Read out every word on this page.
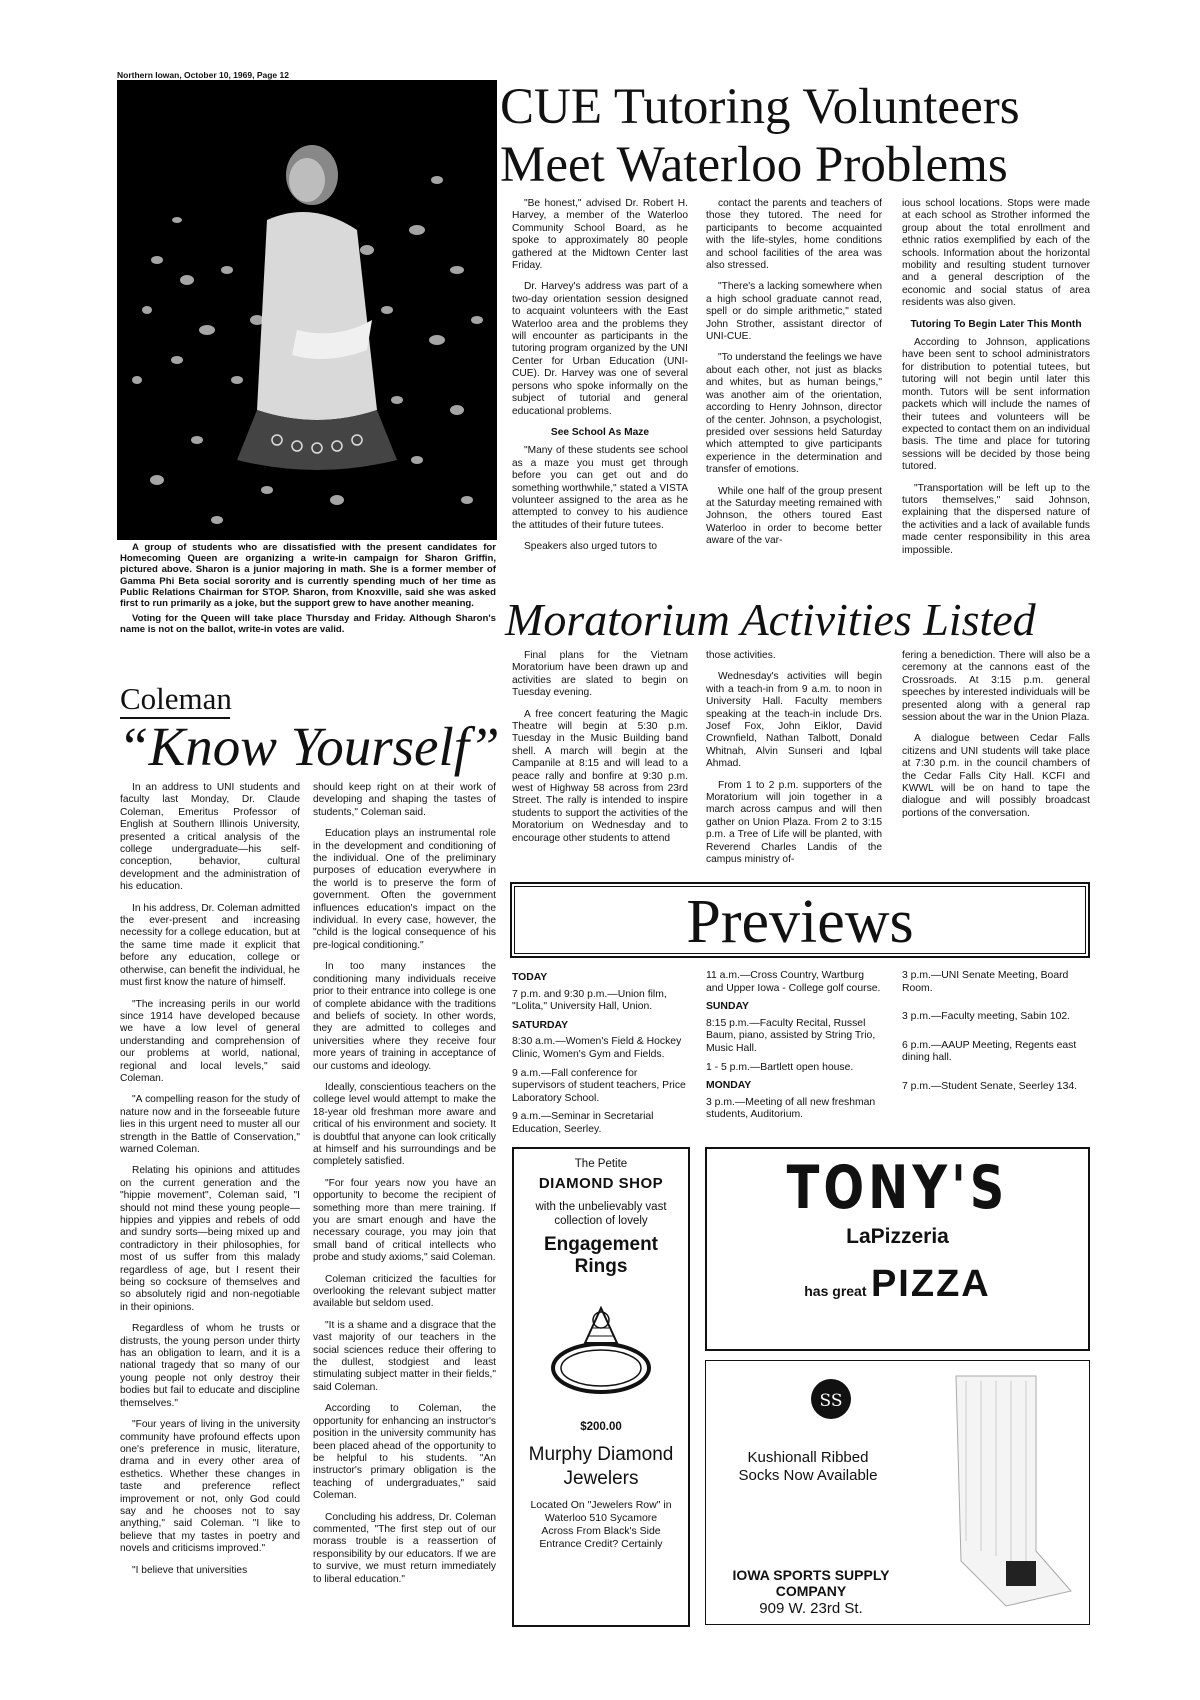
Northern Iowan, October 10, 1969, Page 12

A group of students who are dissatisfied with the present candidates for Homecoming Queen are organizing a write-in campaign for Sharon Griffin, pictured above. Sharon is a junior majoring in math. She is a former member of Gamma Phi Beta social sorority and is currently spending much of her time as Public Relations Chairman for STOP. Sharon, from Knoxville, said she was asked first to run primarily as a joke, but the support grew to have another meaning.

Voting for the Queen will take place Thursday and Friday. Although Sharon's name is not on the ballot, write-in votes are valid.

CUE Tutoring Volunteers Meet Waterloo Problems

"Be honest," advised Dr. Robert H. Harvey, a member of the Waterloo Community School Board, as he spoke to approximately 80 people gathered at the Midtown Center last Friday.

Dr. Harvey's address was part of a two-day orientation session designed to acquaint volunteers with the East Waterloo area and the problems they will encounter as participants in the tutoring program organized by the UNI Center for Urban Education (UNI-CUE). Dr. Harvey was one of several persons who spoke informally on the subject of tutorial and general educational problems.

See School As Maze

"Many of these students see school as a maze you must get through before you can get out and do something worthwhile," stated a VISTA volunteer assigned to the area as he attempted to convey to his audience the attitudes of their future tutees.

Speakers also urged tutors to

contact the parents and teachers of those they tutored. The need for participants to become acquainted with the life-styles, home conditions and school facilities of the area was also stressed.

"There's a lacking somewhere when a high school graduate cannot read, spell or do simple arithmetic," stated John Strother, assistant director of UNI-CUE.

"To understand the feelings we have about each other, not just as blacks and whites, but as human beings," was another aim of the orientation, according to Henry Johnson, director of the center. Johnson, a psychologist, presided over sessions held Saturday which attempted to give participants experience in the determination and transfer of emotions.

While one half of the group present at the Saturday meeting remained with Johnson, the others toured East Waterloo in order to become better aware of the var-

ious school locations. Stops were made at each school as Strother informed the group about the total enrollment and ethnic ratios exemplified by each of the schools. Information about the horizontal mobility and resulting student turnover and a general description of the economic and social status of area residents was also given.

Tutoring To Begin Later This Month

According to Johnson, applications have been sent to school administrators for distribution to potential tutees, but tutoring will not begin until later this month. Tutors will be sent information packets which will include the names of their tutees and volunteers will be expected to contact them on an individual basis. The time and place for tutoring sessions will be decided by those being tutored.

"Transportation will be left up to the tutors themselves," said Johnson, explaining that the dispersed nature of the activities and a lack of available funds made center responsibility in this area impossible.

Moratorium Activities Listed

Final plans for the Vietnam Moratorium have been drawn up and activities are slated to begin on Tuesday evening.

A free concert featuring the Magic Theatre will begin at 5:30 p.m. Tuesday in the Music Building band shell. A march will begin at the Campanile at 8:15 and will lead to a peace rally and bonfire at 9:30 p.m. west of Highway 58 across from 23rd Street. The rally is intended to inspire students to support the activities of the Moratorium on Wednesday and to encourage other students to attend

those activities.

Wednesday's activities will begin with a teach-in from 9 a.m. to noon in University Hall. Faculty members speaking at the teach-in include Drs. Josef Fox, John Eiklor, David Crownfield, Nathan Talbott, Donald Whitnah, Alvin Sunseri and Iqbal Ahmad.

From 1 to 2 p.m. supporters of the Moratorium will join together in a march across campus and will then gather on Union Plaza. From 2 to 3:15 p.m. a Tree of Life will be planted, with Reverend Charles Landis of the campus ministry of-

fering a benediction. There will also be a ceremony at the cannons east of the Crossroads. At 3:15 p.m. general speeches by interested individuals will be presented along with a general rap session about the war in the Union Plaza.

A dialogue between Cedar Falls citizens and UNI students will take place at 7:30 p.m. in the council chambers of the Cedar Falls City Hall. KCFI and KWWL will be on hand to tape the dialogue and will possibly broadcast portions of the conversation.

Coleman
“Know Yourself”

In an address to UNI students and faculty last Monday, Dr. Claude Coleman, Emeritus Professor of English at Southern Illinois University, presented a critical analysis of the college undergraduate—his self-conception, behavior, cultural development and the administration of his education.

In his address, Dr. Coleman admitted the ever-present and increasing necessity for a college education, but at the same time made it explicit that before any education, college or otherwise, can benefit the individual, he must first know the nature of himself.

"The increasing perils in our world since 1914 have developed because we have a low level of general understanding and comprehension of our problems at world, national, regional and local levels," said Coleman.

"A compelling reason for the study of nature now and in the forseeable future lies in this urgent need to muster all our strength in the Battle of Conservation," warned Coleman.

Relating his opinions and attitudes on the current generation and the "hippie movement", Coleman said, "I should not mind these young people—hippies and yippies and rebels of odd and sundry sorts—being mixed up and contradictory in their philosophies, for most of us suffer from this malady regardless of age, but I resent their being so cocksure of themselves and so absolutely rigid and non-negotiable in their opinions.

Regardless of whom he trusts or distrusts, the young person under thirty has an obligation to learn, and it is a national tragedy that so many of our young people not only destroy their bodies but fail to educate and discipline themselves."

"Four years of living in the university community have profound effects upon one's preference in music, literature, drama and in every other area of esthetics. Whether these changes in taste and preference reflect improvement or not, only God could say and he chooses not to say anything," said Coleman. "I like to believe that my tastes in poetry and novels and criticisms improved."

"I believe that universities

should keep right on at their work of developing and shaping the tastes of students," Coleman said.

Education plays an instrumental role in the development and conditioning of the individual. One of the preliminary purposes of education everywhere in the world is to preserve the form of government. Often the government influences education's impact on the individual. In every case, however, the "child is the logical consequence of his pre-logical conditioning."

In too many instances the conditioning many individuals receive prior to their entrance into college is one of complete abidance with the traditions and beliefs of society. In other words, they are admitted to colleges and universities where they receive four more years of training in acceptance of our customs and ideology.

Ideally, conscientious teachers on the college level would attempt to make the 18-year old freshman more aware and critical of his environment and society. It is doubtful that anyone can look critically at himself and his surroundings and be completely satisfied.

"For four years now you have an opportunity to become the recipient of something more than mere training. If you are smart enough and have the necessary courage, you may join that small band of critical intellects who probe and study axioms," said Coleman.

Coleman criticized the faculties for overlooking the relevant subject matter available but seldom used.

"It is a shame and a disgrace that the vast majority of our teachers in the social sciences reduce their offering to the dullest, stodgiest and least stimulating subject matter in their fields," said Coleman.

According to Coleman, the opportunity for enhancing an instructor's position in the university community has been placed ahead of the opportunity to be helpful to his students. "An instructor's primary obligation is the teaching of undergraduates," said Coleman.

Concluding his address, Dr. Coleman commented, "The first step out of our morass trouble is a reassertion of responsibility by our educators. If we are to survive, we must return immediately to liberal education."

Previews
TODAY
7 p.m. and 9:30 p.m.—Union film, "Lolita," University Hall, Union.
SATURDAY
8:30 a.m.—Women's Field & Hockey Clinic, Women's Gym and Fields.
9 a.m.—Fall conference for supervisors of student teachers, Price Laboratory School.
9 a.m.—Seminar in Secretarial Education, Seerley.
11 a.m.—Cross Country, Wartburg and Upper Iowa - College golf course.
SUNDAY
8:15 p.m.—Faculty Recital, Russel Baum, piano, assisted by String Trio, Music Hall.
1 - 5 p.m.—Bartlett open house.
MONDAY
3 p.m.—Meeting of all new freshman students, Auditorium.
3 p.m.—UNI Senate Meeting, Board Room.
3 p.m.—Faculty meeting, Sabin 102.
6 p.m.—AAUP Meeting, Regents east dining hall.
7 p.m.—Student Senate, Seerley 134.
The Petite
DIAMOND SHOP
with the unbelievably vast collection of lovely
Engagement Rings
$200.00
Murphy Diamond Jewelers
Located On "Jewelers Row" in Waterloo 510 Sycamore Across From Black's Side Entrance Credit? Certainly
TONY'S
LaPizzeria
has great PIZZA
SS
Kushionall Ribbed Socks Now Available
IOWA SPORTS SUPPLY COMPANY
909 W. 23rd St.
